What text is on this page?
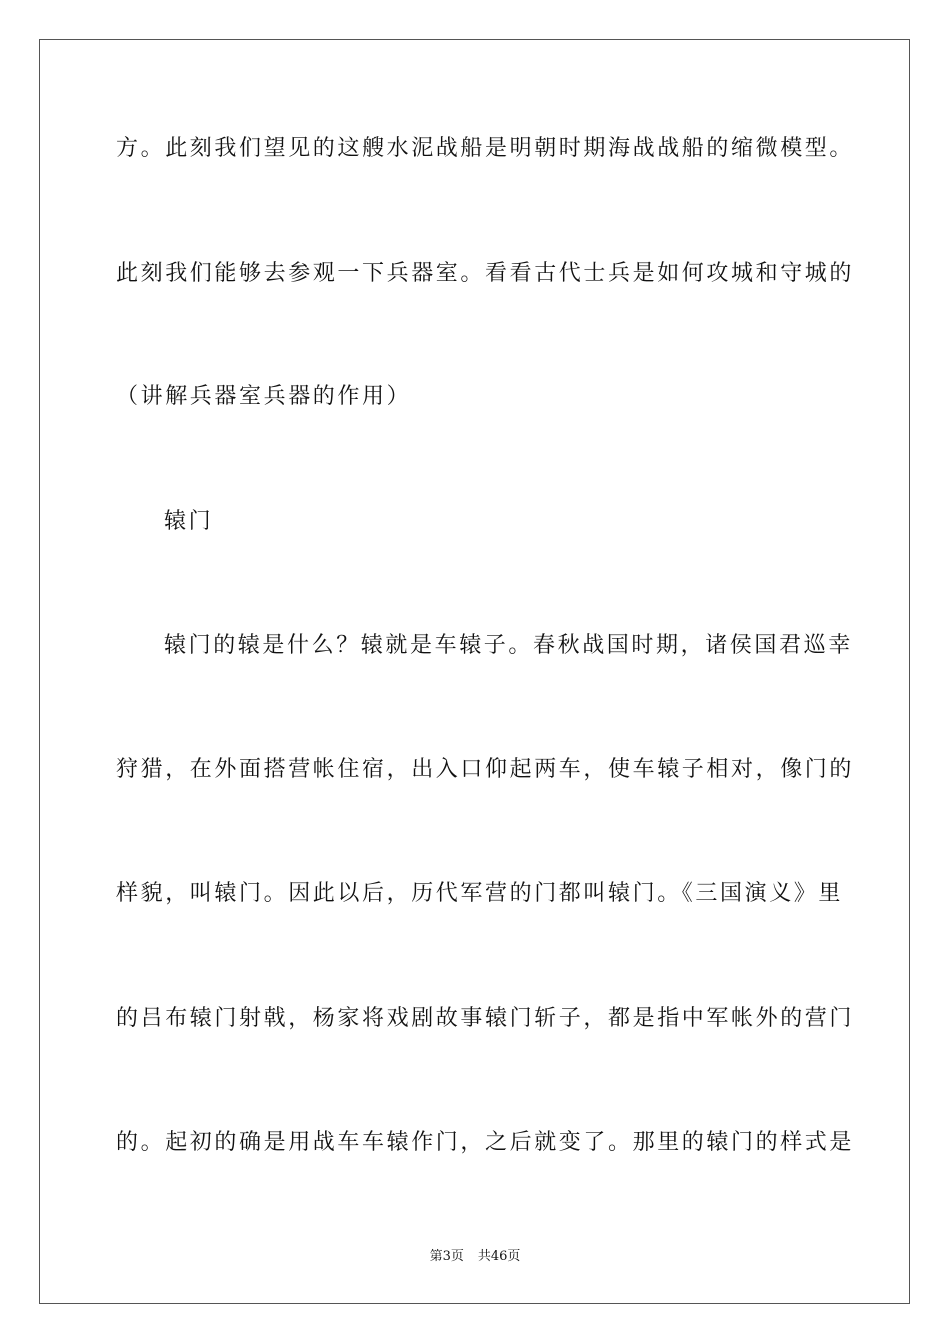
方。此刻我们望见的这艘水泥战船是明朝时期海战战船的缩微模型。
此刻我们能够去参观一下兵器室。看看古代士兵是如何攻城和守城的
（讲解兵器室兵器的作用）
辕门
辕门的辕是什么？辕就是车辕子。春秋战国时期，诸侯国君巡幸
狩猎，在外面搭营帐住宿，出入口仰起两车，使车辕子相对，像门的
样貌，叫辕门。因此以后，历代军营的门都叫辕门。《三国演义》里
的吕布辕门射戟，杨家将戏剧故事辕门斩子，都是指中军帐外的营门
的。起初的确是用战车车辕作门，之后就变了。那里的辕门的样式是
第3页 共46页
